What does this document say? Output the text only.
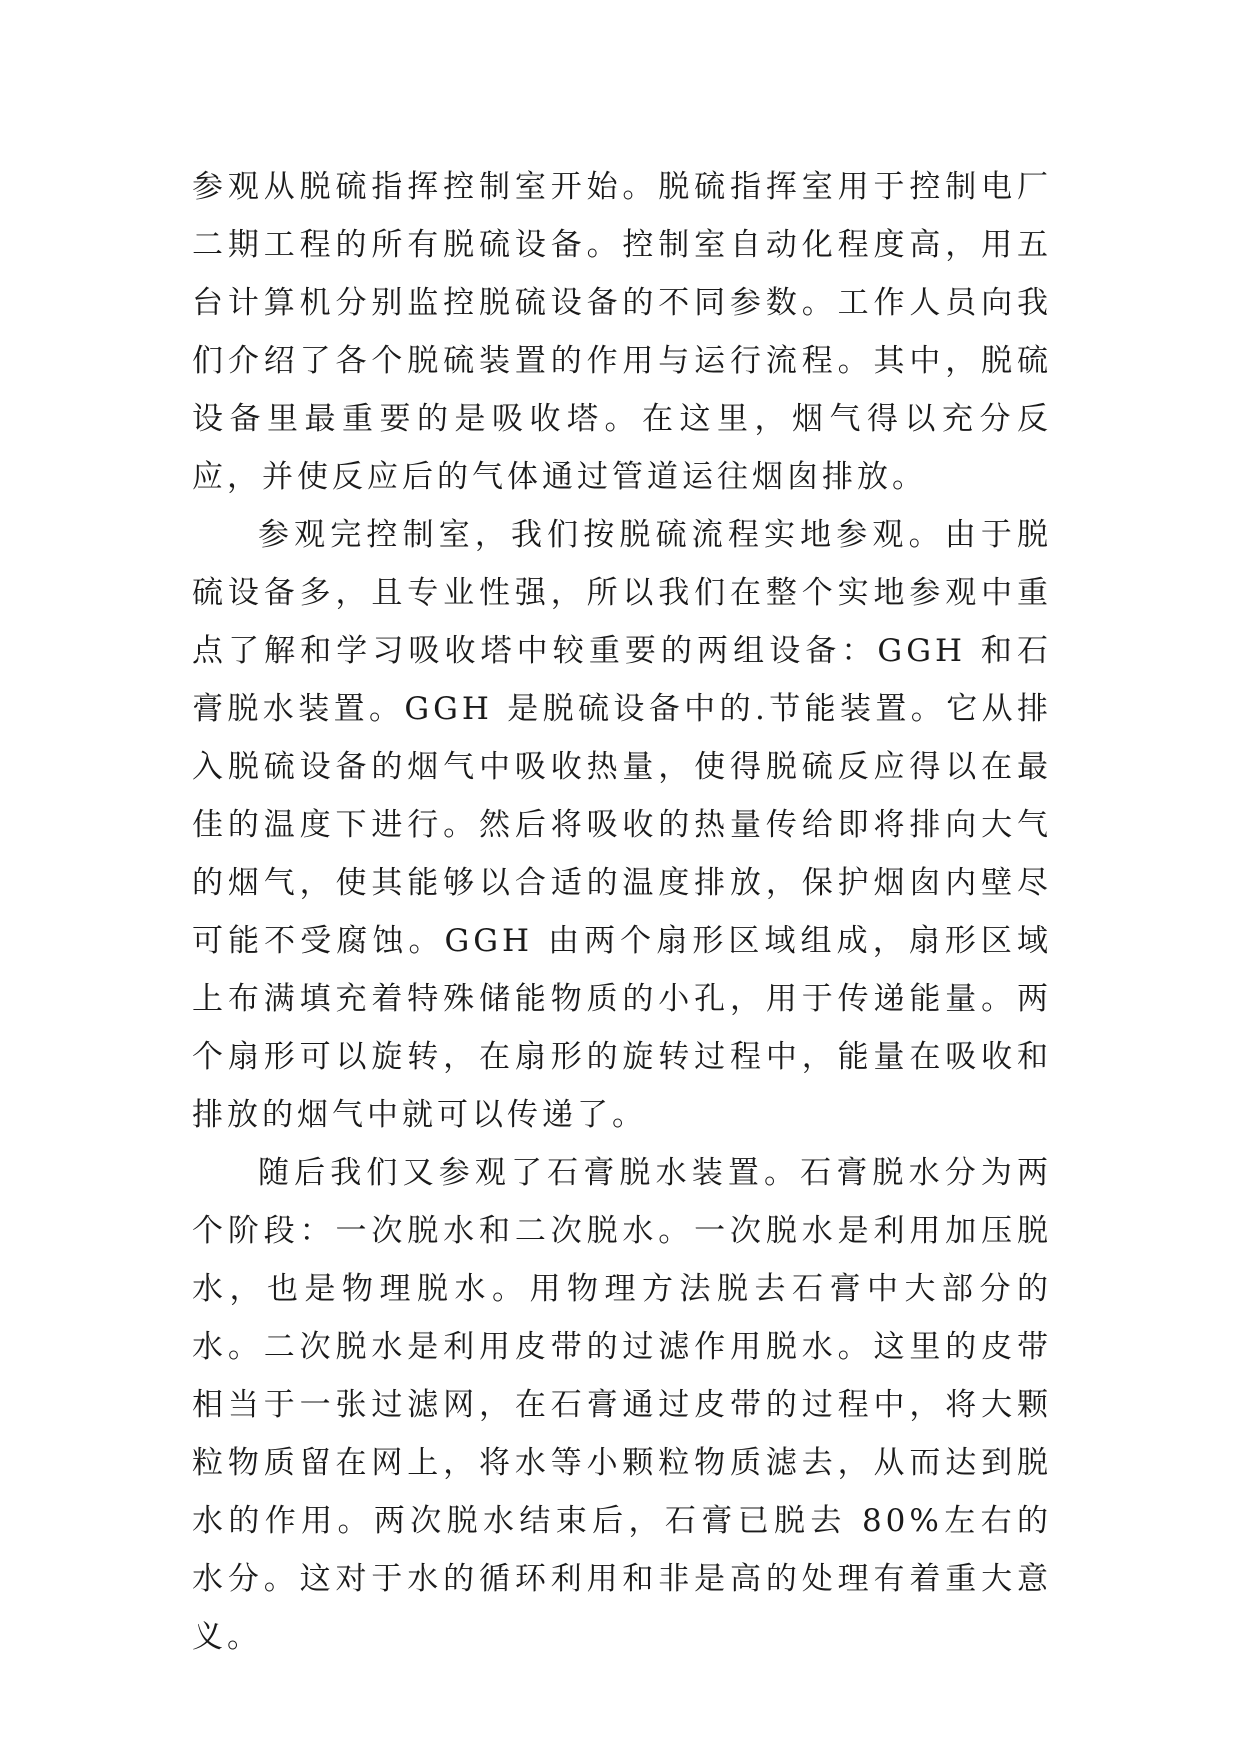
参观从脱硫指挥控制室开始。脱硫指挥室用于控制电厂二期工程的所有脱硫设备。控制室自动化程度高，用五台计算机分别监控脱硫设备的不同参数。工作人员向我们介绍了各个脱硫装置的作用与运行流程。其中，脱硫设备里最重要的是吸收塔。在这里，烟气得以充分反应，并使反应后的气体通过管道运往烟囱排放。

参观完控制室，我们按脱硫流程实地参观。由于脱硫设备多，且专业性强，所以我们在整个实地参观中重点了解和学习吸收塔中较重要的两组设备：GGH 和石膏脱水装置。GGH 是脱硫设备中的.节能装置。它从排入脱硫设备的烟气中吸收热量，使得脱硫反应得以在最佳的温度下进行。然后将吸收的热量传给即将排向大气的烟气，使其能够以合适的温度排放，保护烟囱内壁尽可能不受腐蚀。GGH 由两个扇形区域组成，扇形区域上布满填充着特殊储能物质的小孔，用于传递能量。两个扇形可以旋转，在扇形的旋转过程中，能量在吸收和排放的烟气中就可以传递了。

随后我们又参观了石膏脱水装置。石膏脱水分为两个阶段：一次脱水和二次脱水。一次脱水是利用加压脱水，也是物理脱水。用物理方法脱去石膏中大部分的水。二次脱水是利用皮带的过滤作用脱水。这里的皮带相当于一张过滤网，在石膏通过皮带的过程中，将大颗粒物质留在网上，将水等小颗粒物质滤去，从而达到脱水的作用。两次脱水结束后，石膏已脱去 80%左右的水分。这对于水的循环利用和非是高的处理有着重大意义。
